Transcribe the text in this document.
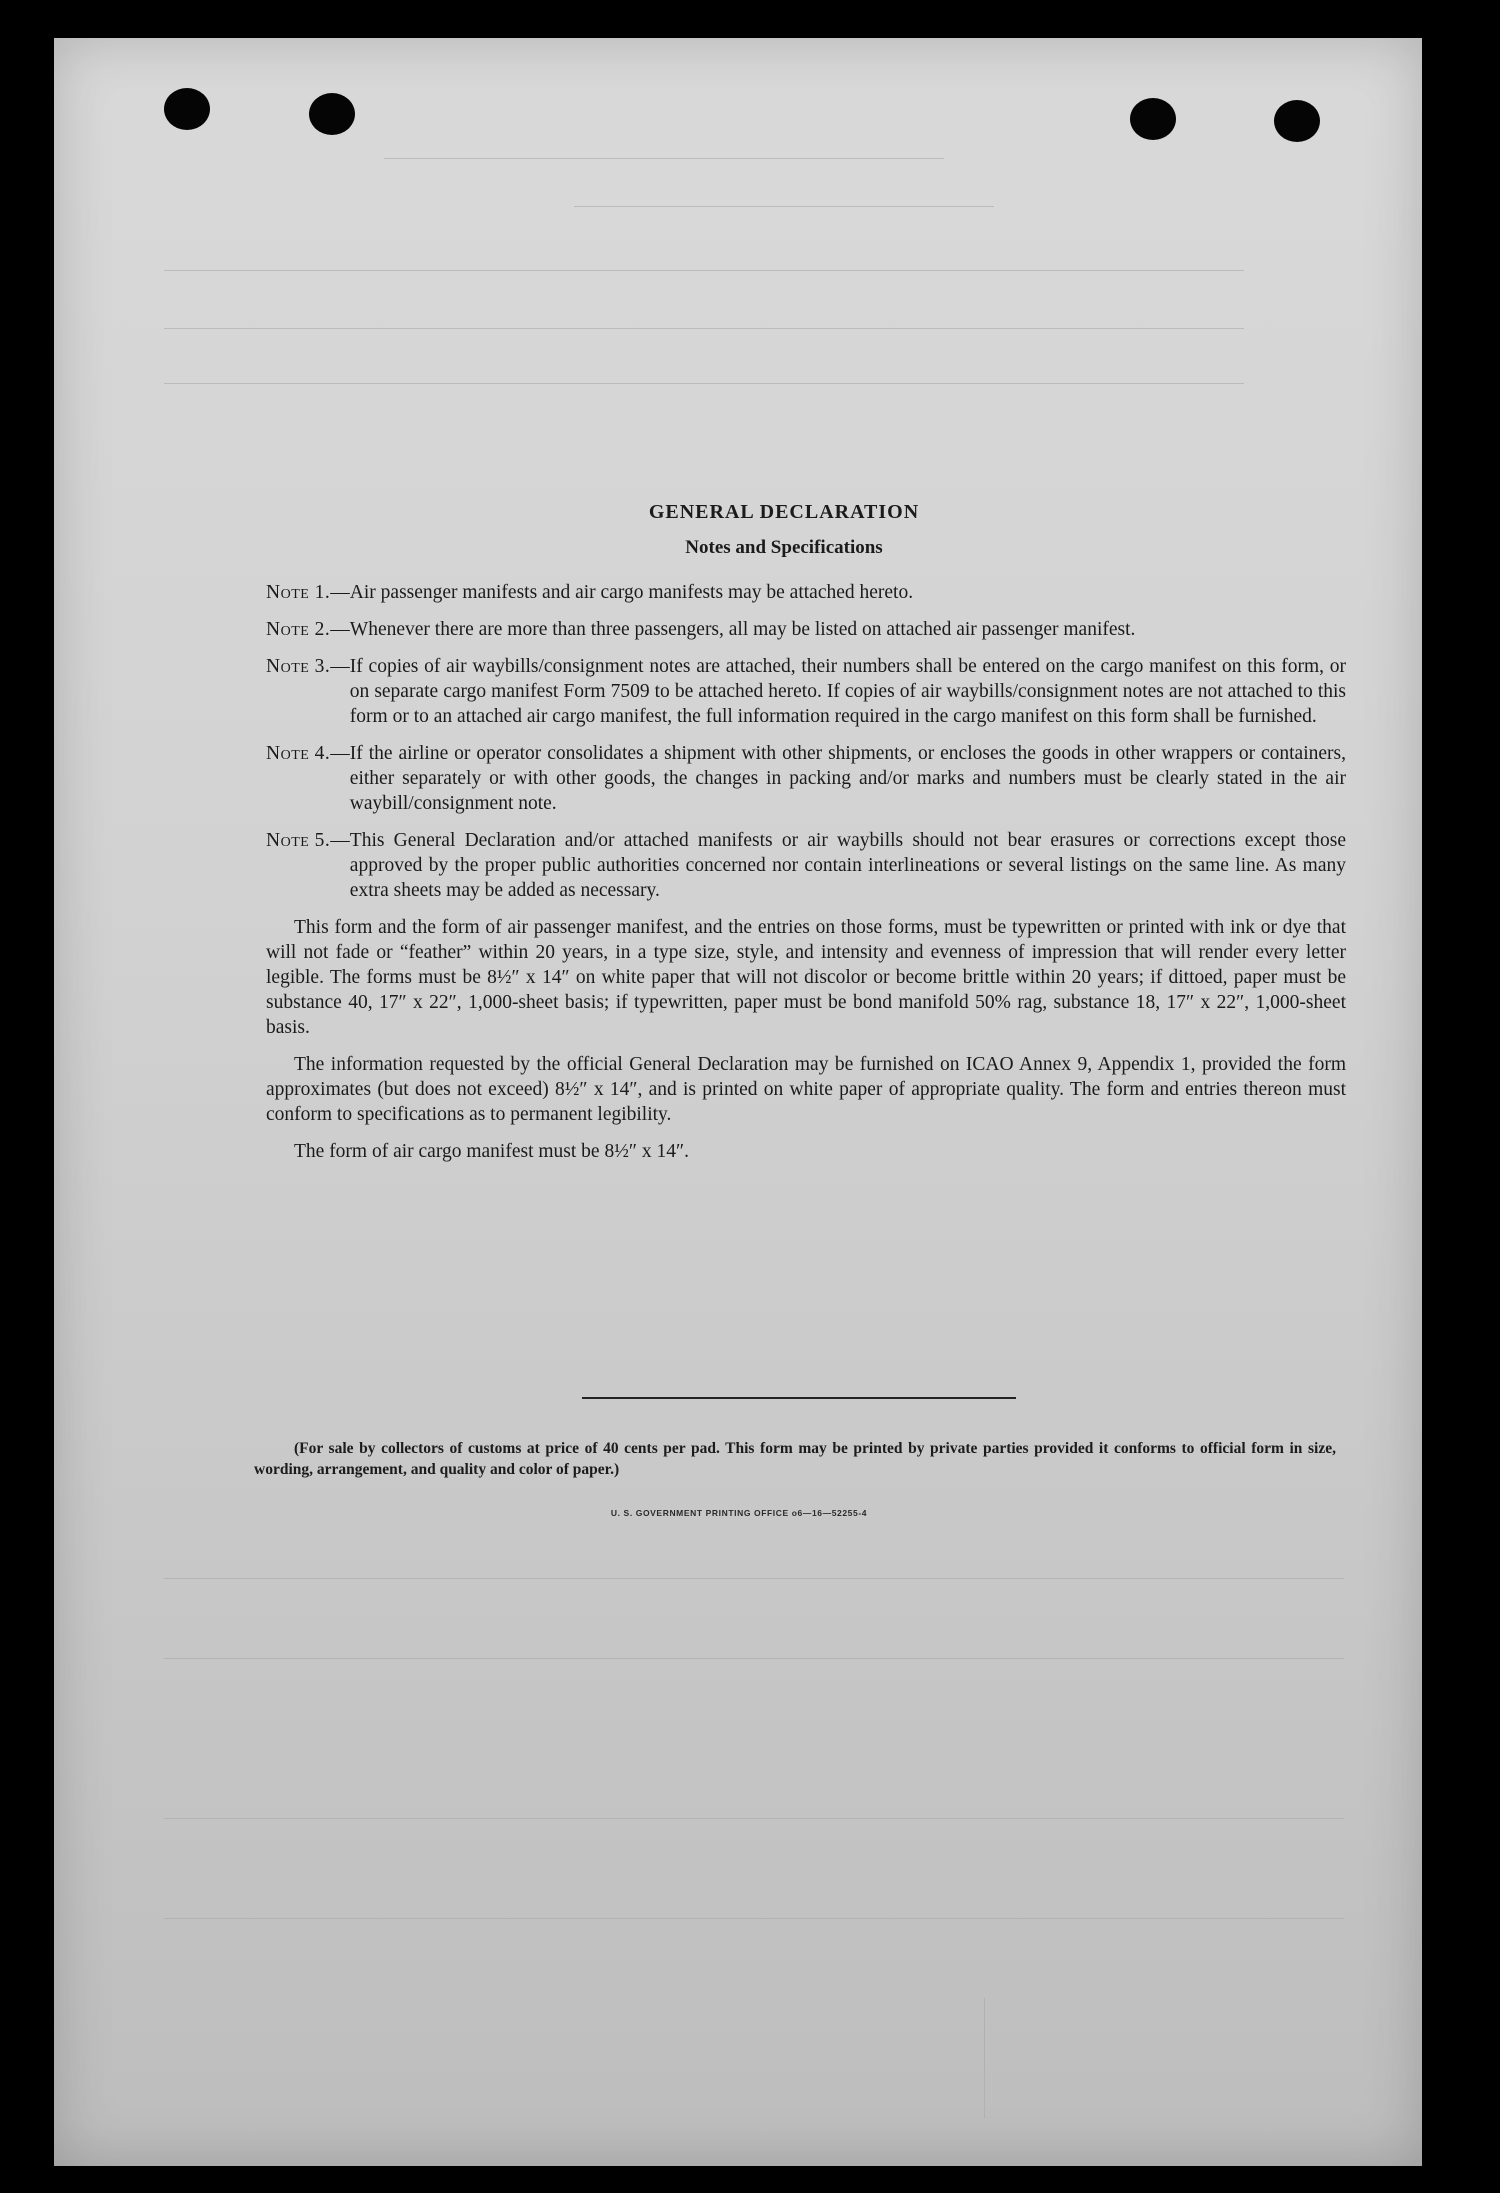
GENERAL DECLARATION
Notes and Specifications
Note 1. — Air passenger manifests and air cargo manifests may be attached hereto.
Note 2. — Whenever there are more than three passengers, all may be listed on attached air passenger manifest.
Note 3. — If copies of air waybills/consignment notes are attached, their numbers shall be entered on the cargo manifest on this form, or on separate cargo manifest Form 7509 to be attached hereto. If copies of air waybills/consignment notes are not attached to this form or to an attached air cargo manifest, the full information required in the cargo manifest on this form shall be furnished.
Note 4. — If the airline or operator consolidates a shipment with other shipments, or encloses the goods in other wrappers or containers, either separately or with other goods, the changes in packing and/or marks and numbers must be clearly stated in the air waybill/consignment note.
Note 5. — This General Declaration and/or attached manifests or air waybills should not bear erasures or corrections except those approved by the proper public authorities concerned nor contain interlineations or several listings on the same line. As many extra sheets may be added as necessary.

This form and the form of air passenger manifest, and the entries on those forms, must be typewritten or printed with ink or dye that will not fade or “feather” within 20 years, in a type size, style, and intensity and evenness of impression that will render every letter legible. The forms must be 8½″ x 14″ on white paper that will not discolor or become brittle within 20 years; if dittoed, paper must be substance 40, 17″ x 22″, 1,000-sheet basis; if typewritten, paper must be bond manifold 50% rag, substance 18, 17″ x 22″, 1,000-sheet basis.

The information requested by the official General Declaration may be furnished on ICAO Annex 9, Appendix 1, provided the form approximates (but does not exceed) 8½″ x 14″, and is printed on white paper of appropriate quality. The form and entries thereon must conform to specifications as to permanent legibility.

The form of air cargo manifest must be 8½″ x 14″.
(For sale by collectors of customs at price of 40 cents per pad. This form may be printed by private parties provided it conforms to official form in size, wording, arrangement, and quality and color of paper.)
U. S. GOVERNMENT PRINTING OFFICE o6—16—52255-4
